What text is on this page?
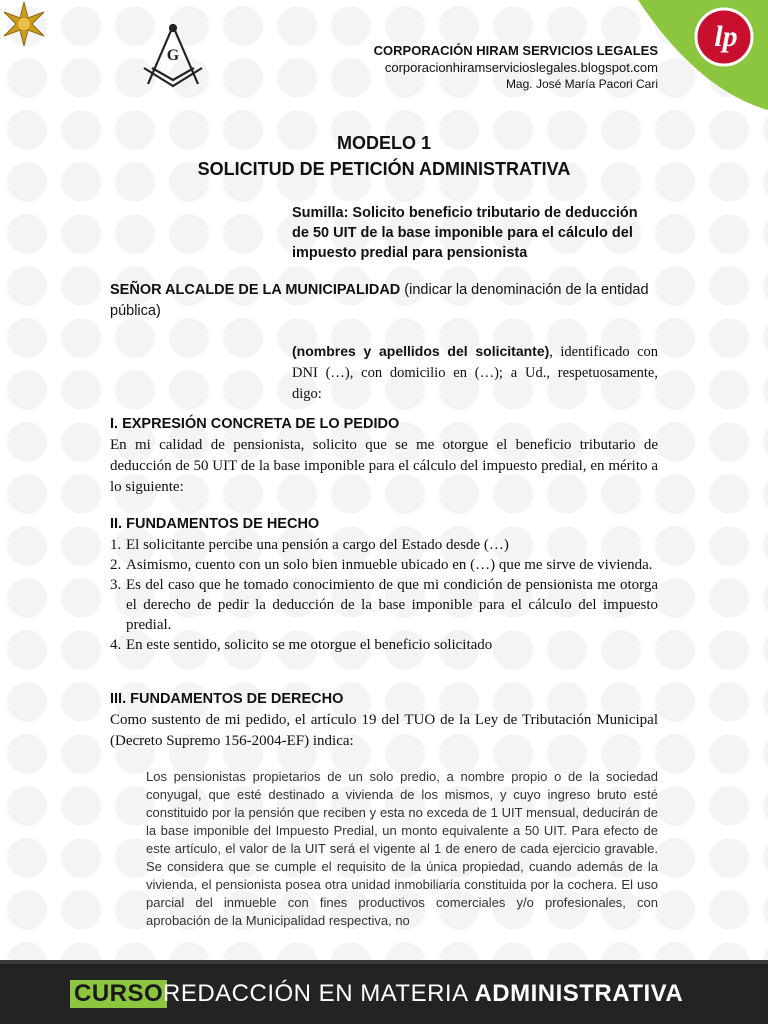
G
lp
CORPORACIÓN HIRAM SERVICIOS LEGALES
corporacionhiramservicioslegales.blogspot.com
Mag. José María Pacori Cari
MODELO 1
SOLICITUD DE PETICIÓN ADMINISTRATIVA
Sumilla: Solicito beneficio tributario de deducción de 50 UIT de la base imponible para el cálculo del impuesto predial para pensionista
SEÑOR ALCALDE DE LA MUNICIPALIDAD (indicar la denominación de la entidad pública)
(nombres y apellidos del solicitante), identificado con DNI (…), con domicilio en (…); a Ud., respetuosamente, digo:
I. EXPRESIÓN CONCRETA DE LO PEDIDO
En mi calidad de pensionista, solicito que se me otorgue el beneficio tributario de deducción de 50 UIT de la base imponible para el cálculo del impuesto predial, en mérito a lo siguiente:
II. FUNDAMENTOS DE HECHO
1. El solicitante percibe una pensión a cargo del Estado desde (…)
2. Asimismo, cuento con un solo bien inmueble ubicado en (…) que me sirve de vivienda.
3. Es del caso que he tomado conocimiento de que mi condición de pensionista me otorga el derecho de pedir la deducción de la base imponible para el cálculo del impuesto predial.
4. En este sentido, solicito se me otorgue el beneficio solicitado
III. FUNDAMENTOS DE DERECHO
Como sustento de mi pedido, el artículo 19 del TUO de la Ley de Tributación Municipal (Decreto Supremo 156-2004-EF) indica:
Los pensionistas propietarios de un solo predio, a nombre propio o de la sociedad conyugal, que esté destinado a vivienda de los mismos, y cuyo ingreso bruto esté constituido por la pensión que reciben y esta no exceda de 1 UIT mensual, deducirán de la base imponible del Impuesto Predial, un monto equivalente a 50 UIT. Para efecto de este artículo, el valor de la UIT será el vigente al 1 de enero de cada ejercicio gravable. Se considera que se cumple el requisito de la única propiedad, cuando además de la vivienda, el pensionista posea otra unidad inmobiliaria constituida por la cochera. El uso parcial del inmueble con fines productivos comerciales y/o profesionales, con aprobación de la Municipalidad respectiva, no
CURSO REDACCIÓN EN MATERIA ADMINISTRATIVA
